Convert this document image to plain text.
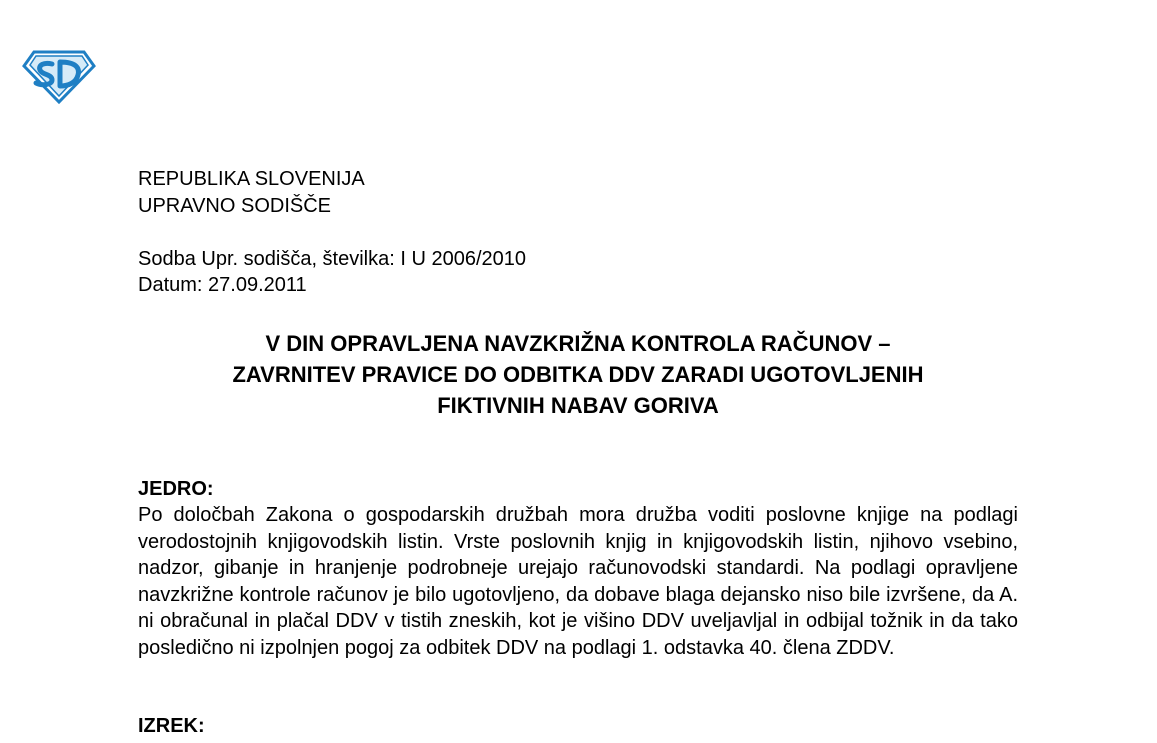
REPUBLIKA SLOVENIJA
UPRAVNO SODIŠČE
Sodba Upr. sodišča, številka: I U 2006/2010
Datum: 27.09.2011
V DIN OPRAVLJENA NAVZKRIŽNA KONTROLA RAČUNOV –
ZAVRNITEV PRAVICE DO ODBITKA DDV ZARADI UGOTOVLJENIH
FIKTIVNIH NABAV GORIVA
JEDRO:
Po določbah Zakona o gospodarskih družbah mora družba voditi poslovne knjige na podlagi verodostojnih knjigovodskih listin. Vrste poslovnih knjig in knjigovodskih listin, njihovo vsebino, nadzor, gibanje in hranjenje podrobneje urejajo računovodski standardi. Na podlagi opravljene navzkrižne kontrole računov je bilo ugotovljeno, da dobave blaga dejansko niso bile izvršene, da A. ni obračunal in plačal DDV v tistih zneskih, kot je višino DDV uveljavljal in odbijal tožnik in da tako posledično ni izpolnjen pogoj za odbitek DDV na podlagi 1. odstavka 40. člena ZDDV.
IZREK:
